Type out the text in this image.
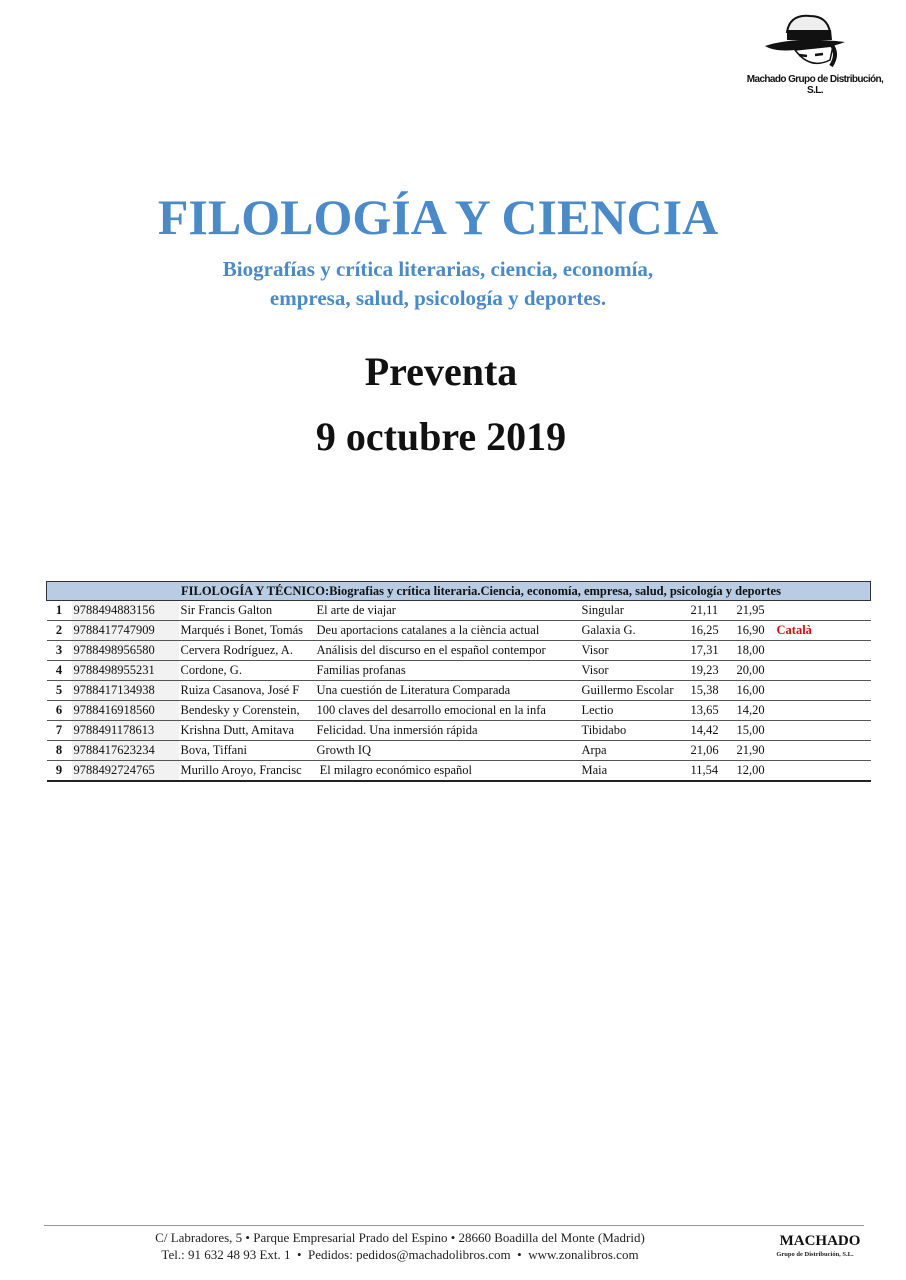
Machado Grupo de Distribución, S.L.
FILOLOGÍA Y CIENCIA
Biografías y crítica literarias, ciencia, economía,
empresa, salud, psicología y deportes.
Preventa
9 octubre 2019
FILOLOGÍA Y TÉCNICO:Biografias y crítica literaria.Ciencia, economía, empresa, salud, psicología y deportes							
1	9788494883156	Sir Francis Galton	El arte de viajar	Singular	21,11	21,95	
2	9788417747909	Marqués i Bonet, Tomás	Deu aportacions catalanes a la ciència actual	Galaxia G.	16,25	16,90	Català
3	9788498956580	Cervera Rodríguez, A.	Análisis del discurso en el español contempor	Visor	17,31	18,00	
4	9788498955231	Cordone, G.	Familias profanas	Visor	19,23	20,00	
5	9788417134938	Ruiza Casanova, José F	Una cuestión de Literatura Comparada	Guillermo Escolar	15,38	16,00	
6	9788416918560	Bendesky y Corenstein,	100 claves del desarrollo emocional en la infa	Lectio	13,65	14,20	
7	9788491178613	Krishna Dutt, Amitava	Felicidad. Una inmersión rápida	Tibidabo	14,42	15,00	
8	9788417623234	Bova, Tiffani	Growth IQ	Arpa	21,06	21,90	
9	9788492724765	Murillo Aroyo, Francisc	El milagro económico español	Maia	11,54	12,00	
C/ Labradores, 5 • Parque Empresarial Prado del Espino • 28660 Boadilla del Monte (Madrid)
Tel.: 91 632 48 93 Ext. 1  •  Pedidos: pedidos@machadolibros.com  •  www.zonalibros.com
MACHADO
Grupo de Distribución, S.L.
